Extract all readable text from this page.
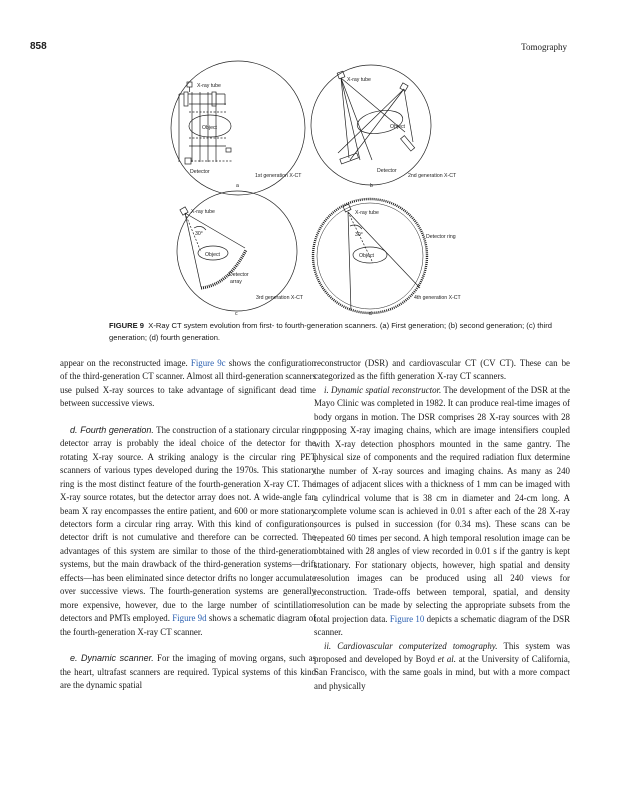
858	Tomography
X-ray tube
Object
Detector
1st generation X-CT
a
X-ray tube
Object
Detector
2nd generation X-CT
b
X-ray tube
30°
Object
Detector
array
3rd generation X-CT
c
X-ray tube
30°
Object
Detector ring
4th generation X-CT
d
FIGURE 9 X-Ray CT system evolution from first- to fourth-generation scanners. (a) First generation; (b) second generation; (c) third generation; (d) fourth generation.

appear on the reconstructed image. Figure 9c shows the configuration of the third-generation CT scanner. Almost all third-generation scanners use pulsed X-ray sources to take advantage of significant dead time between successive views.

d. Fourth generation. The construction of a stationary circular ring detector array is probably the ideal choice of the detector for the rotating X-ray source. A striking analogy is the circular ring PET scanners of various types developed during the 1970s. This stationary ring is the most distinct feature of the fourth-generation X-ray CT. The X-ray source rotates, but the detector array does not. A wide-angle fan beam X ray encompasses the entire patient, and 600 or more stationary detectors form a circular ring array. With this kind of configuration, detector drift is not cumulative and therefore can be corrected. The advantages of this system are similar to those of the third-generation systems, but the main drawback of the third-generation systems—drift effects—has been eliminated since detector drifts no longer accumulate over successive views. The fourth-generation systems are generally more expensive, however, due to the large number of scintillation detectors and PMTs employed. Figure 9d shows a schematic diagram of the fourth-generation X-ray CT scanner.

e. Dynamic scanner. For the imaging of moving organs, such as the heart, ultrafast scanners are required. Typical systems of this kind are the dynamic spatial

reconstructor (DSR) and cardiovascular CT (CV CT). These can be categorized as the fifth generation X-ray CT scanners.

i. Dynamic spatial reconstructor. The development of the DSR at the Mayo Clinic was completed in 1982. It can produce real-time images of body organs in motion. The DSR comprises 28 X-ray sources with 28 opposing X-ray imaging chains, which are image intensifiers coupled with X-ray detection phosphors mounted in the same gantry. The physical size of components and the required radiation flux determine the number of X-ray sources and imaging chains. As many as 240 images of adjacent slices with a thickness of 1 mm can be imaged with a cylindrical volume that is 38 cm in diameter and 24-cm long. A complete volume scan is achieved in 0.01 s after each of the 28 X-ray sources is pulsed in succession (for 0.34 ms). These scans can be repeated 60 times per second. A high temporal resolution image can be obtained with 28 angles of view recorded in 0.01 s if the gantry is kept stationary. For stationary objects, however, high spatial and density resolution images can be produced using all 240 views for reconstruction. Trade-offs between temporal, spatial, and density resolution can be made by selecting the appropriate subsets from the total projection data. Figure 10 depicts a schematic diagram of the DSR scanner.

ii. Cardiovascular computerized tomography. This system was proposed and developed by Boyd et al. at the University of California, San Francisco, with the same goals in mind, but with a more compact and physically
